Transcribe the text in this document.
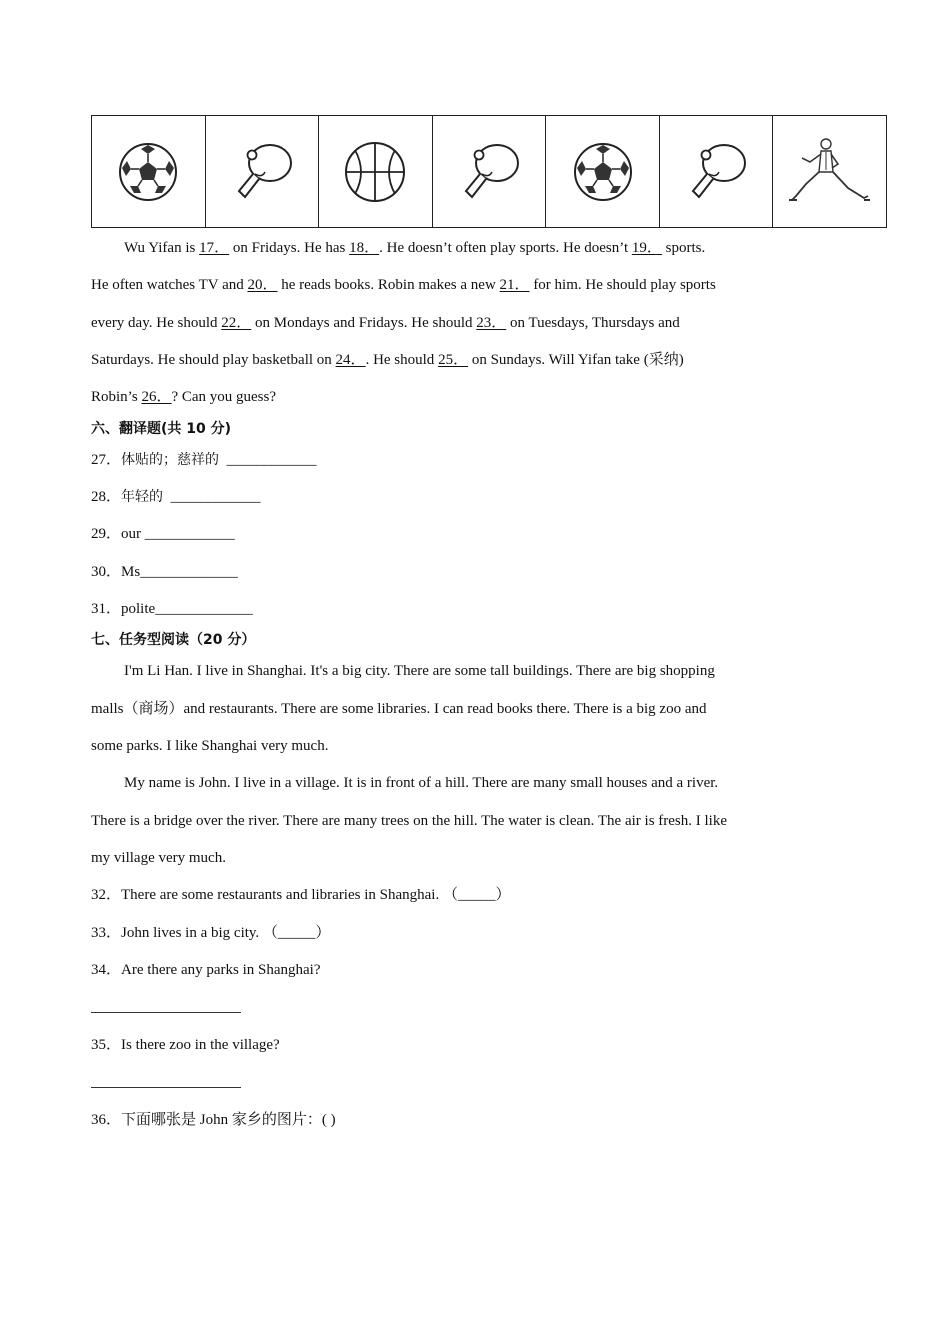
Wu Yifan is 17． on Fridays. He has 18．. He doesn’t often play sports. He doesn’t 19． sports.
He often watches TV and 20． he reads books. Robin makes a new 21． for him. He should play sports
every day. He should 22． on Mondays and Fridays. He should 23． on Tuesdays, Thursdays and
Saturdays. He should play basketball on 24．. He should 25． on Sundays. Will Yifan take (采纳)
Robin’s 26．? Can you guess?
六、翻译题(共 10 分)
27．体贴的；慈祥的 ____________
28．年轻的 ____________
29．our ____________
30．Ms_____________
31．polite_____________
七、任务型阅读（20 分）
I'm Li Han. I live in Shanghai. It's a big city. There are some tall buildings. There are big shopping
malls（商场）and restaurants. There are some libraries. I can read books there. There is a big zoo and
some parks. I like Shanghai very much.
My name is John. I live in a village. It is in front of a hill. There are many small houses and a river.
There is a bridge over the river. There are many trees on the hill. The water is clean. The air is fresh. I like
my village very much.
32．There are some restaurants and libraries in Shanghai. （_____）
33．John lives in a big city. （_____）
34．Are there any parks in Shanghai?
35．Is there zoo in the village?
36．下面哪张是 John 家乡的图片：( )
